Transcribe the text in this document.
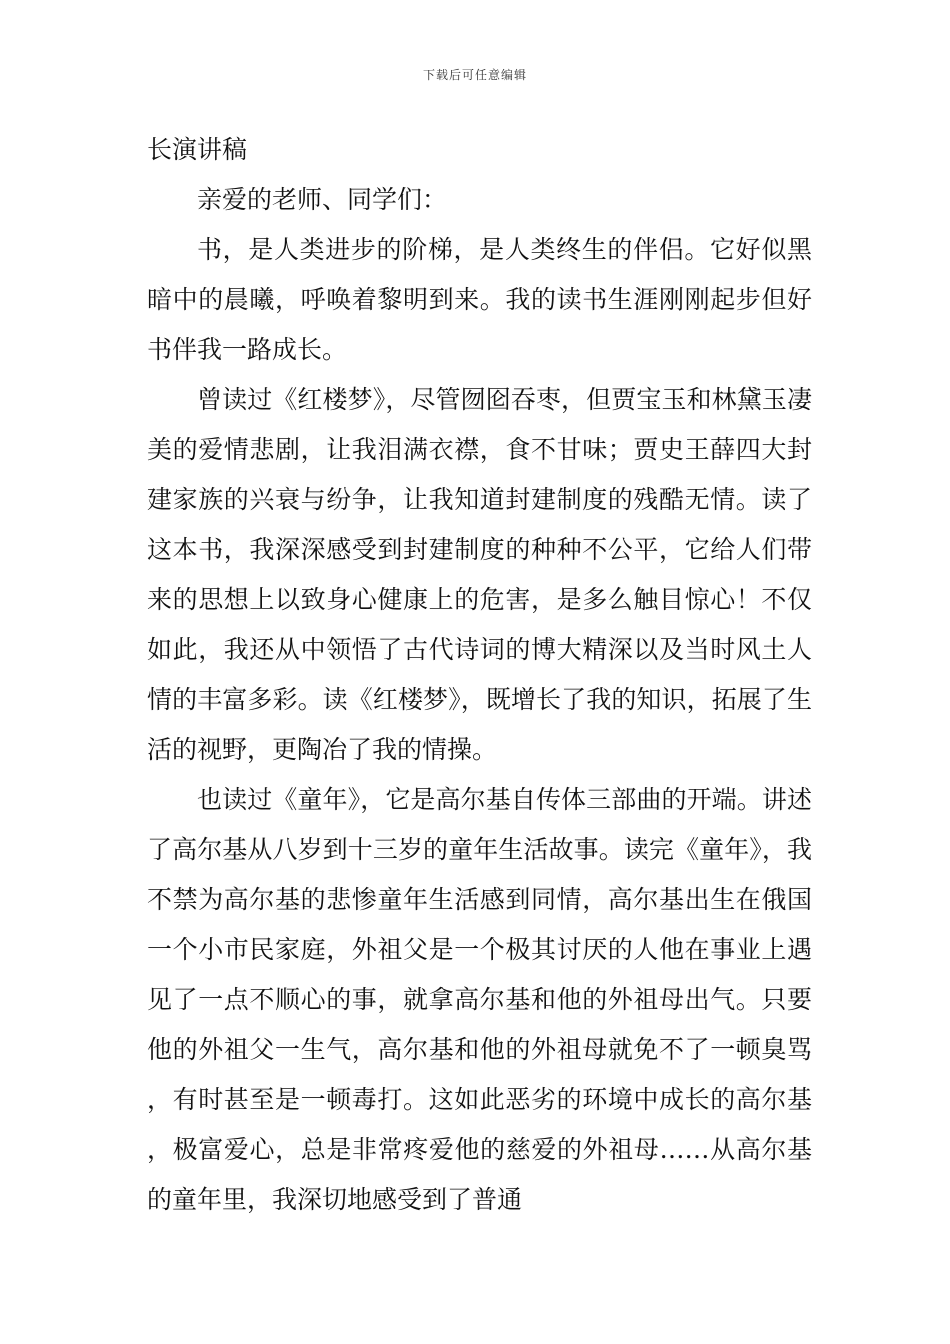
下载后可任意编辑
长演讲稿

亲爱的老师、同学们：

书，是人类进步的阶梯，是人类终生的伴侣。它好似黑暗中的晨曦，呼唤着黎明到来。我的读书生涯刚刚起步但好书伴我一路成长。

曾读过《红楼梦》，尽管囫囵吞枣，但贾宝玉和林黛玉凄美的爱情悲剧，让我泪满衣襟，食不甘味；贾史王薛四大封建家族的兴衰与纷争，让我知道封建制度的残酷无情。读了这本书，我深深感受到封建制度的种种不公平，它给人们带来的思想上以致身心健康上的危害，是多么触目惊心！不仅如此，我还从中领悟了古代诗词的博大精深以及当时风土人情的丰富多彩。读《红楼梦》，既增长了我的知识，拓展了生活的视野，更陶冶了我的情操。

也读过《童年》，它是高尔基自传体三部曲的开端。讲述了高尔基从八岁到十三岁的童年生活故事。读完《童年》，我不禁为高尔基的悲惨童年生活感到同情，高尔基出生在俄国一个小市民家庭，外祖父是一个极其讨厌的人他在事业上遇见了一点不顺心的事，就拿高尔基和他的外祖母出气。只要他的外祖父一生气，高尔基和他的外祖母就免不了一顿臭骂，有时甚至是一顿毒打。这如此恶劣的环境中成长的高尔基，极富爱心，总是非常疼爱他的慈爱的外祖母……从高尔基的童年里，我深切地感受到了普通
